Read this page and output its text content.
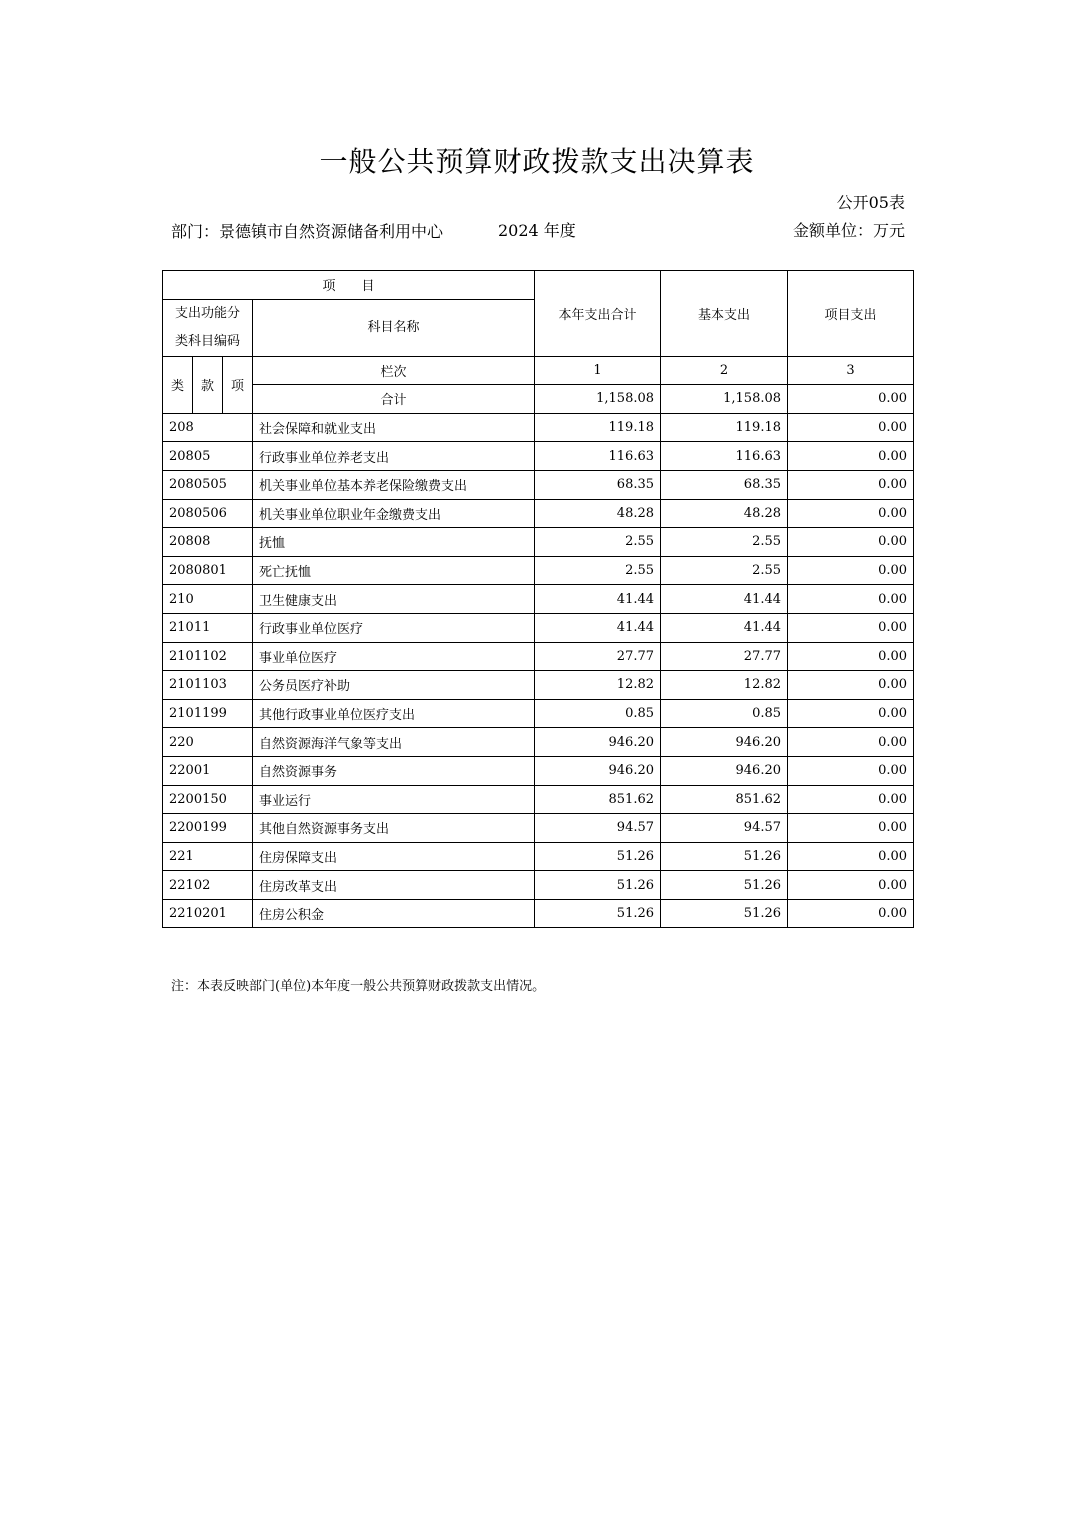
一般公共预算财政拨款支出决算表
公开05表
部门：景德镇市自然资源储备利用中心	2024 年度	金额单位：万元
项　　目				本年支出合计	基本支出	项目支出
支出功能分类科目编码			科目名称			
类	款	项	栏次	1	2	3
			合计	1,158.08	1,158.08	0.00
208			社会保障和就业支出	119.18	119.18	0.00
20805			行政事业单位养老支出	116.63	116.63	0.00
2080505			机关事业单位基本养老保险缴费支出	68.35	68.35	0.00
2080506			机关事业单位职业年金缴费支出	48.28	48.28	0.00
20808			抚恤	2.55	2.55	0.00
2080801			死亡抚恤	2.55	2.55	0.00
210			卫生健康支出	41.44	41.44	0.00
21011			行政事业单位医疗	41.44	41.44	0.00
2101102			事业单位医疗	27.77	27.77	0.00
2101103			公务员医疗补助	12.82	12.82	0.00
2101199			其他行政事业单位医疗支出	0.85	0.85	0.00
220			自然资源海洋气象等支出	946.20	946.20	0.00
22001			自然资源事务	946.20	946.20	0.00
2200150			事业运行	851.62	851.62	0.00
2200199			其他自然资源事务支出	94.57	94.57	0.00
221			住房保障支出	51.26	51.26	0.00
22102			住房改革支出	51.26	51.26	0.00
2210201			住房公积金	51.26	51.26	0.00
注：本表反映部门(单位)本年度一般公共预算财政拨款支出情况。
